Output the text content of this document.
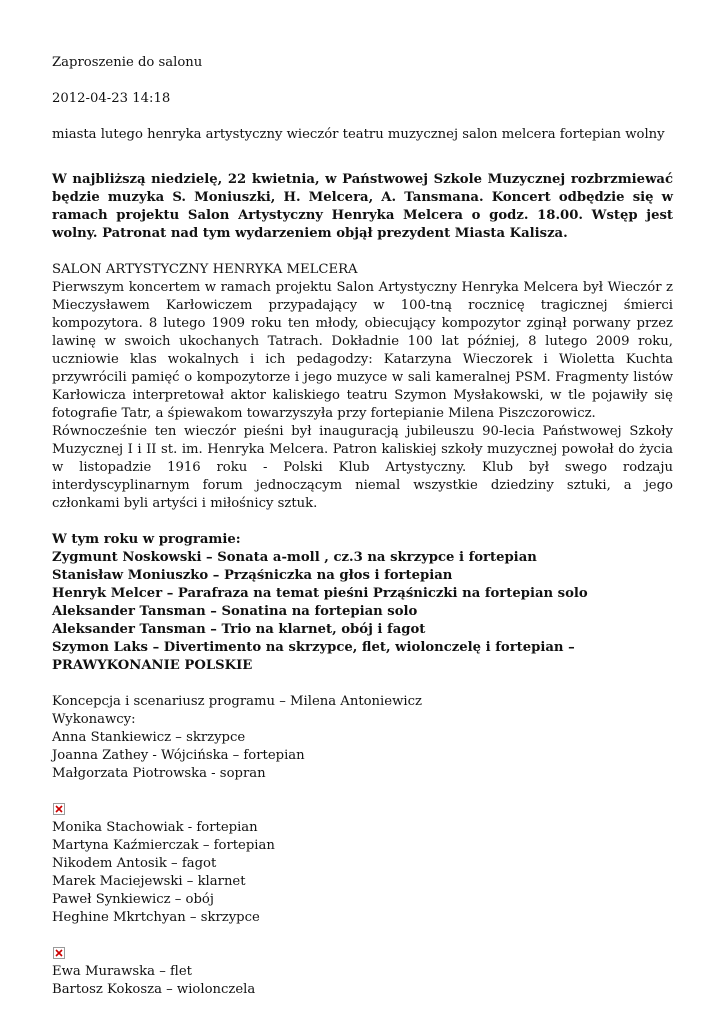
Zaproszenie do salonu

2012-04-23 14:18

miasta lutego henryka artystyczny wieczór teatru muzycznej salon melcera fortepian wolny

W najbliższą niedzielę, 22 kwietnia, w Państwowej Szkole Muzycznej rozbrzmiewać będzie muzyka S. Moniuszki, H. Melcera, A. Tansmana. Koncert odbędzie się w ramach projektu Salon Artystyczny Henryka Melcera o godz. 18.00. Wstęp jest wolny. Patronat nad tym wydarzeniem objął prezydent Miasta Kalisza.

SALON ARTYSTYCZNY HENRYKA MELCERA

Pierwszym koncertem w ramach projektu Salon Artystyczny Henryka Melcera był Wieczór z Mieczysławem Karłowiczem przypadający w 100-tną rocznicę tragicznej śmierci kompozytora. 8 lutego 1909 roku ten młody, obiecujący kompozytor zginął porwany przez lawinę w swoich ukochanych Tatrach. Dokładnie 100 lat później, 8 lutego 2009 roku, uczniowie klas wokalnych i ich pedagodzy: Katarzyna Wieczorek i Wioletta Kuchta przywrócili pamięć o kompozytorze i jego muzyce w sali kameralnej PSM. Fragmenty listów Karłowicza interpretował aktor kaliskiego teatru Szymon Mysłakowski, w tle pojawiły się fotografie Tatr, a śpiewakom towarzyszyła przy fortepianie Milena Piszczorowicz.

Równocześnie ten wieczór pieśni był inauguracją jubileuszu 90-lecia Państwowej Szkoły Muzycznej I i II st. im. Henryka Melcera. Patron kaliskiej szkoły muzycznej powołał do życia w listopadzie 1916 roku - Polski Klub Artystyczny. Klub był swego rodzaju interdyscyplinarnym forum jednoczącym niemal wszystkie dziedziny sztuki, a jego członkami byli artyści i miłośnicy sztuk.

W tym roku w programie:

Zygmunt Noskowski – Sonata a-moll , cz.3 na skrzypce i fortepian

Stanisław Moniuszko – Prząśniczka na głos i fortepian

Henryk Melcer – Parafraza na temat pieśni Prząśniczki na fortepian solo

Aleksander Tansman – Sonatina na fortepian solo

Aleksander Tansman – Trio na klarnet, obój i fagot

Szymon Laks – Divertimento na skrzypce, flet, wiolonczelę i fortepian – PRAWYKONANIE POLSKIE

Koncepcja i scenariusz programu – Milena Antoniewicz

Wykonawcy:

Anna Stankiewicz – skrzypce

Joanna Zathey - Wójcińska – fortepian

Małgorzata Piotrowska - sopran

Monika Stachowiak - fortepian

Martyna Kaźmierczak – fortepian

Nikodem Antosik – fagot

Marek Maciejewski – klarnet

Paweł Synkiewicz – obój

Heghine Mkrtchyan – skrzypce

Ewa Murawska – flet

Bartosz Kokosza – wiolonczela
